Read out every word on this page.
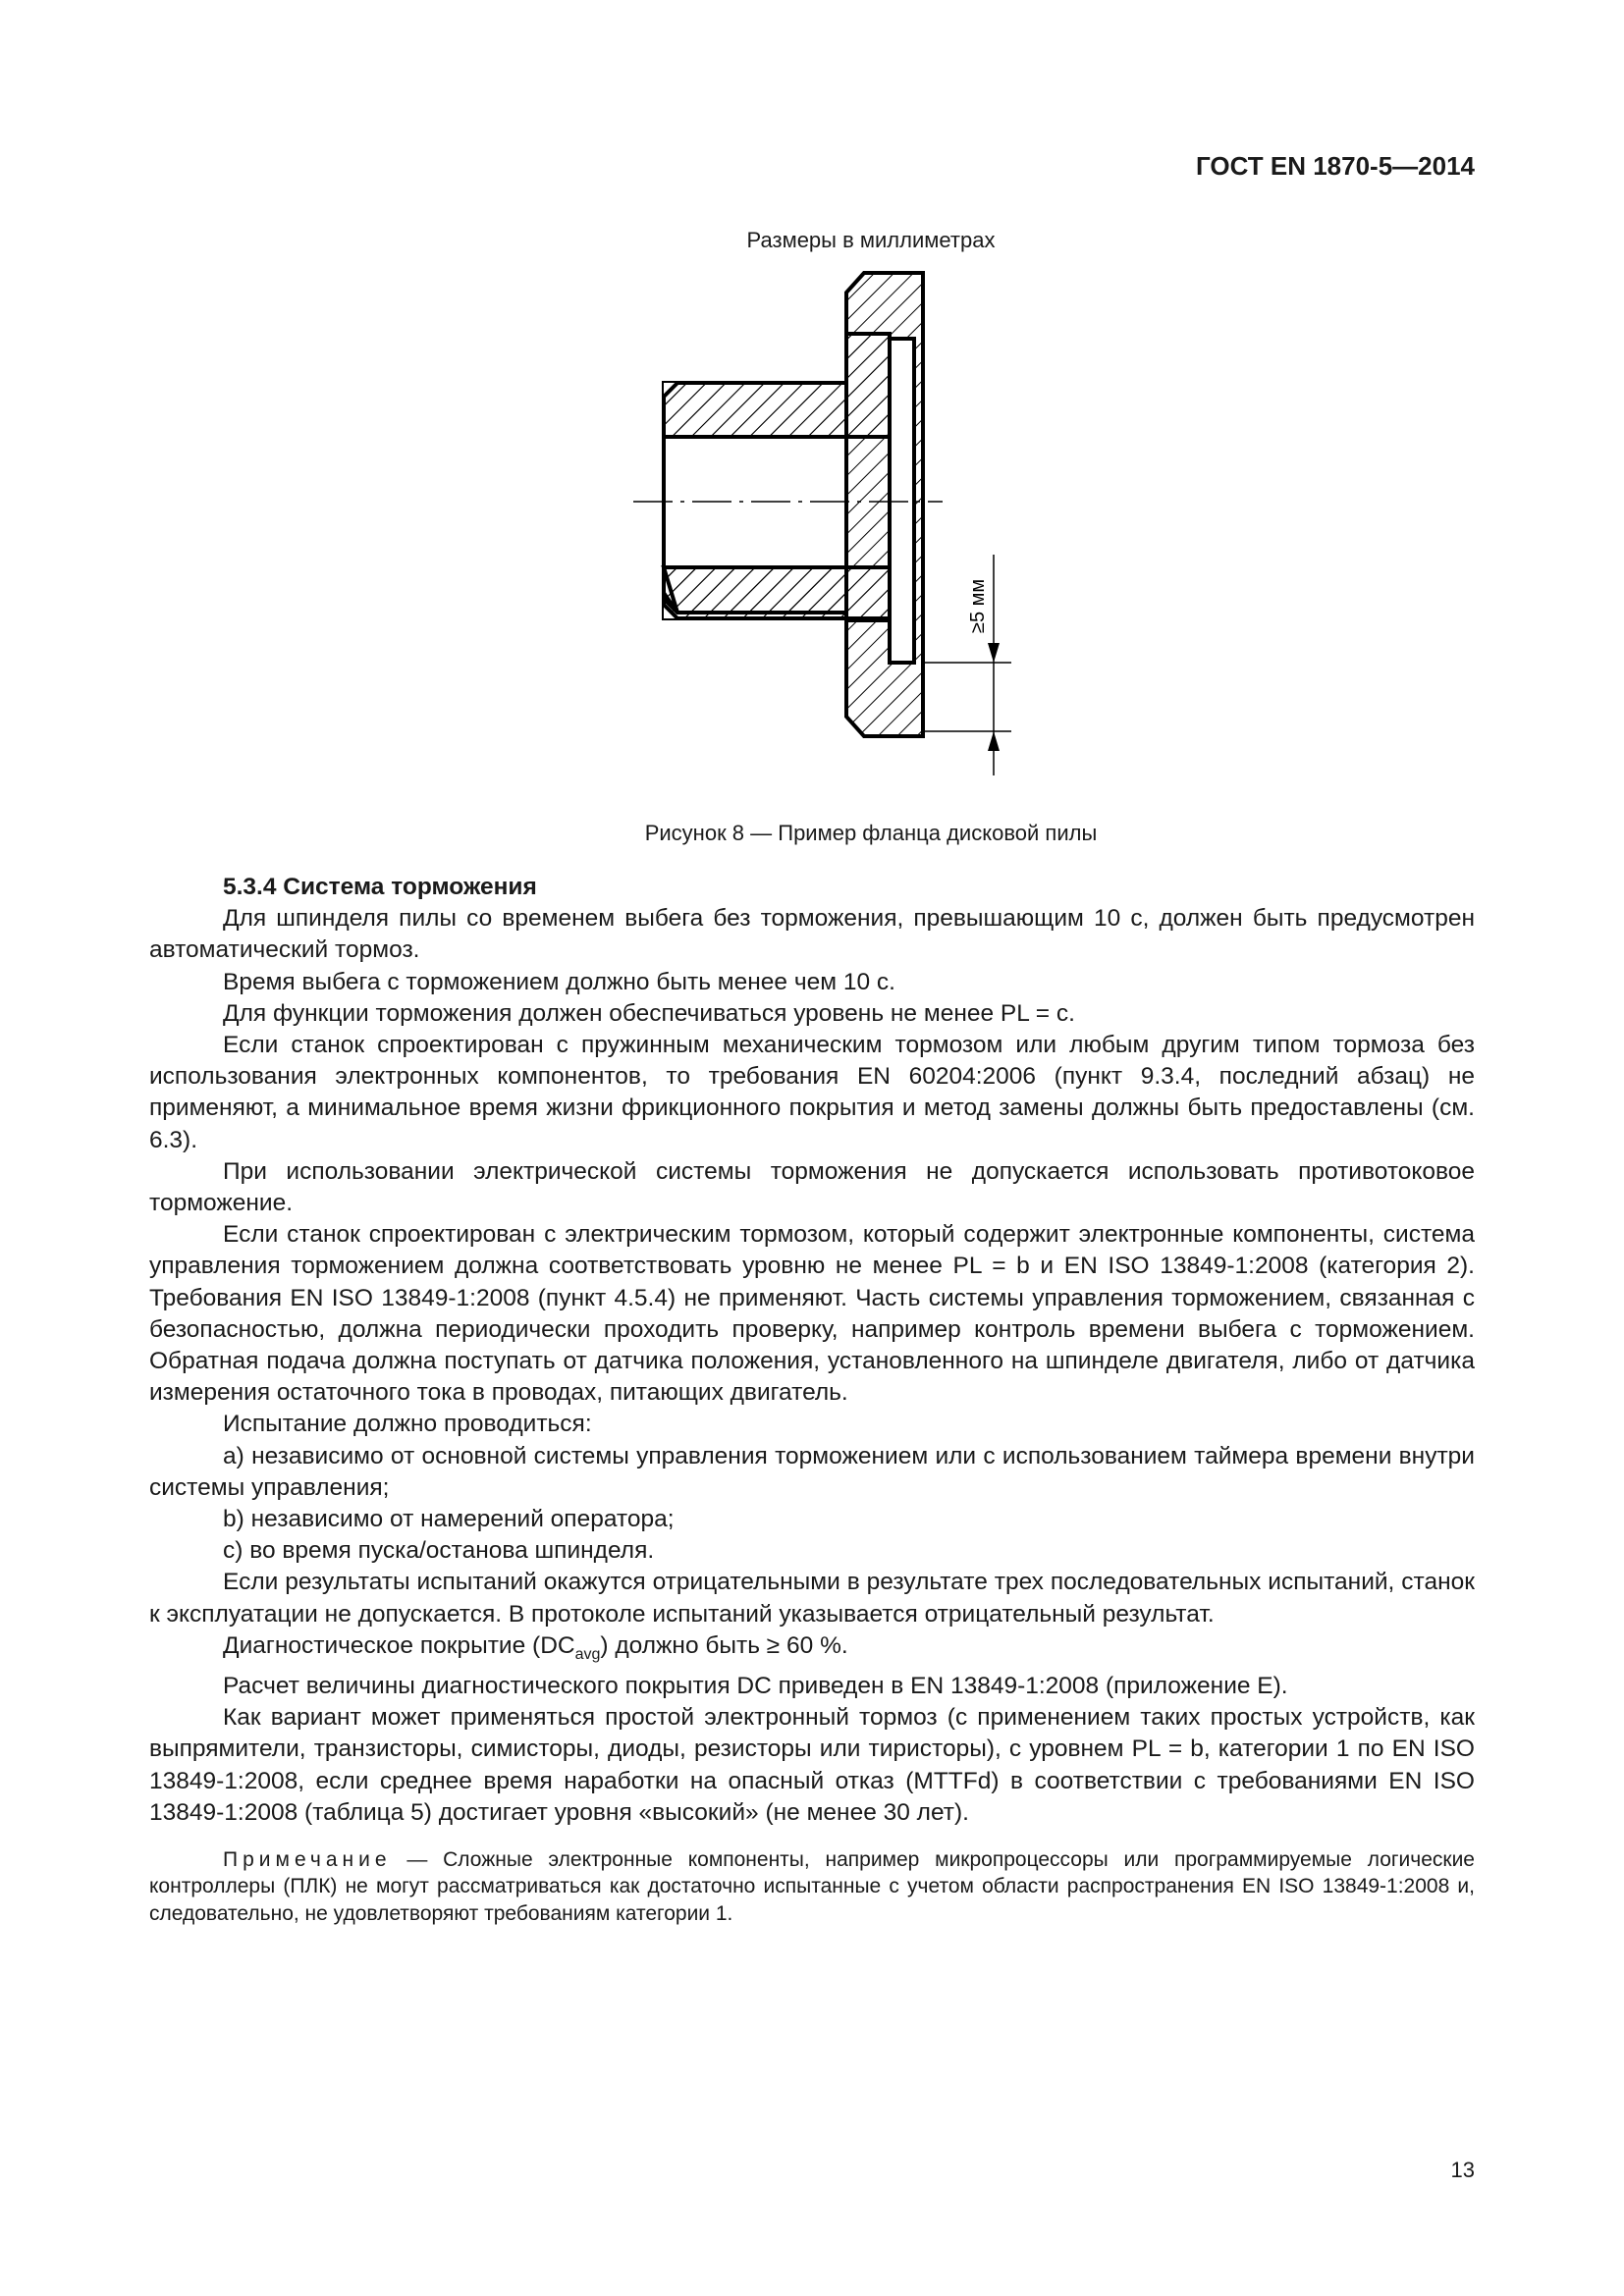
ГОСТ EN 1870-5—2014
Размеры в миллиметрах
≥5 мм
Рисунок 8 — Пример фланца дисковой пилы
5.3.4 Система торможения

Для шпинделя пилы со временем выбега без торможения, превышающим 10 с, должен быть предусмотрен автоматический тормоз.

Время выбега с торможением должно быть менее чем 10 с.

Для функции торможения должен обеспечиваться уровень не менее PL = с.

Если станок спроектирован с пружинным механическим тормозом или любым другим типом тормоза без использования электронных компонентов, то требования EN 60204:2006 (пункт 9.3.4, последний абзац) не применяют, а минимальное время жизни фрикционного покрытия и метод замены должны быть предоставлены (см. 6.3).

При использовании электрической системы торможения не допускается использовать противотоковое торможение.

Если станок спроектирован с электрическим тормозом, который содержит электронные компоненты, система управления торможением должна соответствовать уровню не менее PL = b и EN ISO 13849-1:2008 (категория 2). Требования EN ISO 13849-1:2008 (пункт 4.5.4) не применяют. Часть системы управления торможением, связанная с безопасностью, должна периодически проходить проверку, например контроль времени выбега с торможением. Обратная подача должна поступать от датчика положения, установленного на шпинделе двигателя, либо от датчика измерения остаточного тока в проводах, питающих двигатель.

Испытание должно проводиться:

а) независимо от основной системы управления торможением или с использованием таймера времени внутри системы управления;

b) независимо от намерений оператора;

с) во время пуска/останова шпинделя.

Если результаты испытаний окажутся отрицательными в результате трех последовательных испытаний, станок к эксплуатации не допускается. В протоколе испытаний указывается отрицательный результат.

Диагностическое покрытие $(DC_{avg})$ должно быть ≥ 60 %.

Расчет величины диагностического покрытия DC приведен в EN 13849-1:2008 (приложение Е).

Как вариант может применяться простой электронный тормоз (с применением таких простых устройств, как выпрямители, транзисторы, симисторы, диоды, резисторы или тиристоры), с уровнем PL = b, категории 1 по EN ISO 13849-1:2008, если среднее время наработки на опасный отказ (MTTFd) в соответствии с требованиями EN ISO 13849-1:2008 (таблица 5) достигает уровня «высокий» (не менее 30 лет).

Примечание — Сложные электронные компоненты, например микропроцессоры или программируемые логические контроллеры (ПЛК) не могут рассматриваться как достаточно испытанные с учетом области распространения EN ISO 13849-1:2008 и, следовательно, не удовлетворяют требованиям категории 1.

13
